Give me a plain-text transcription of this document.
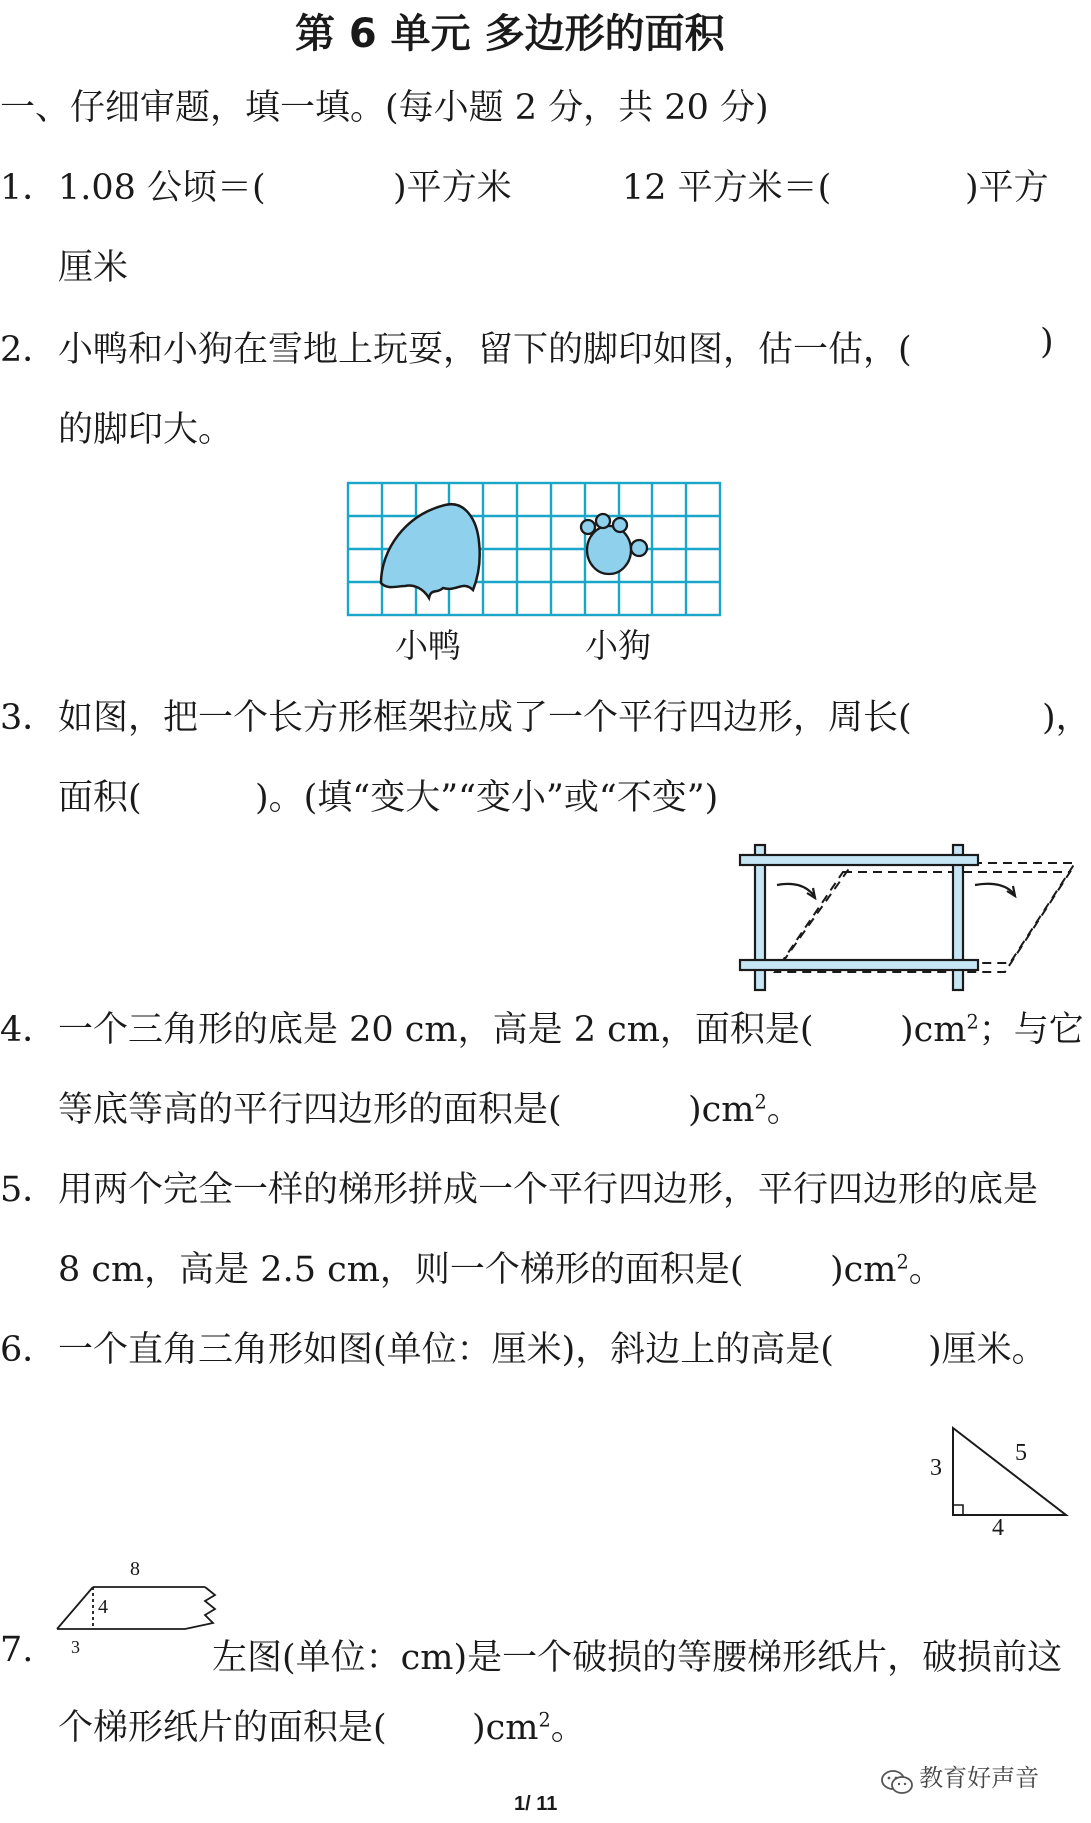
第 6 单元 多边形的面积
一、仔细审题，填一填。(每小题 2 分，共 20 分)
1． 1.08 公顷＝(	)平方米	12 平方米＝(	)平方
厘米
2． 小鸭和小狗在雪地上玩耍，留下的脚印如图，估一估，(	)
的脚印大。
小鸭	小狗
3． 如图，把一个长方形框架拉成了一个平行四边形，周长(	)，
面积(	)。(填“变大”“变小”或“不变”)
4． 一个三角形的底是 20 cm，高是 2 cm，面积是( )$cm^2$；与它
等底等高的平行四边形的面积是(	)$cm^2$。
5． 用两个完全一样的梯形拼成一个平行四边形，平行四边形的底是
8 cm，高是 2.5 cm，则一个梯形的面积是( )$cm^2$。
6． 一个直角三角形如图(单位：厘米)，斜边上的高是(	)厘米。
3
5
4
8
4
3
7.	左图(单位：cm)是一个破损的等腰梯形纸片，破损前这
个梯形纸片的面积是( )$cm^2$。
教育好声音
1/ 11
